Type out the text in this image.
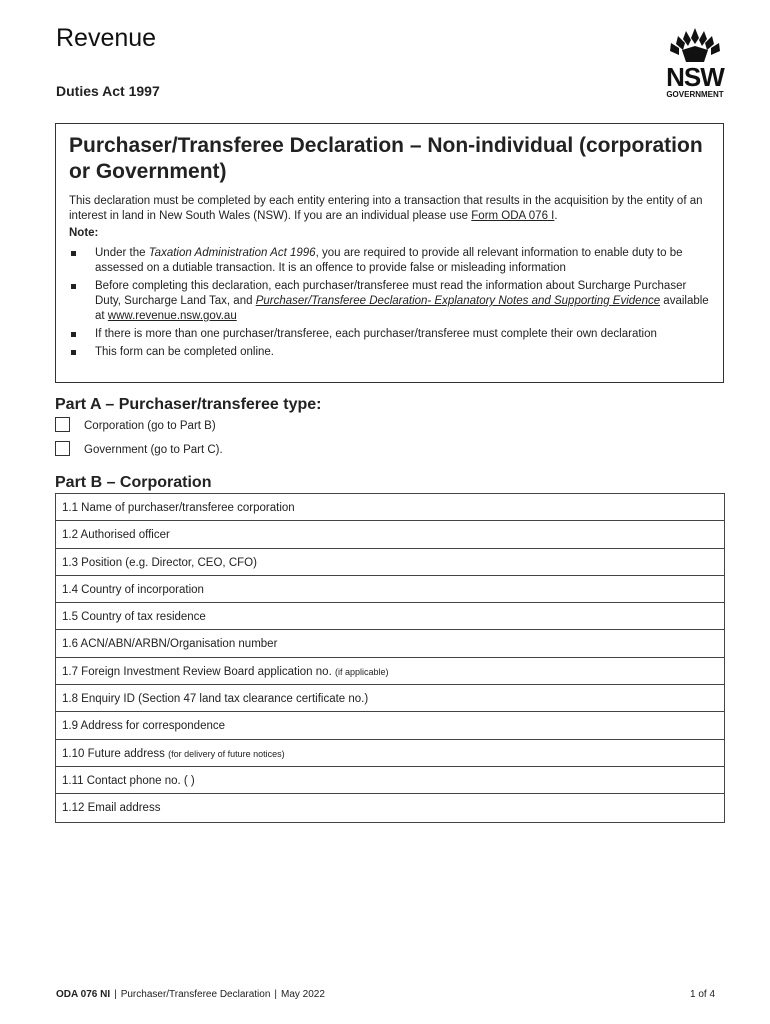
Revenue
Duties Act 1997	NSW
GOVERNMENT
Purchaser/Transferee Declaration – Non-individual (corporation or Government)
This declaration must be completed by each entity entering into a transaction that results in the acquisition by the entity of an interest in land in New South Wales (NSW). If you are an individual please use Form ODA 076 I.
Note:
Under the Taxation Administration Act 1996, you are required to provide all relevant information to enable duty to be assessed on a dutiable transaction. It is an offence to provide false or misleading information
Before completing this declaration, each purchaser/transferee must read the information about Surcharge Purchaser Duty, Surcharge Land Tax, and Purchaser/Transferee Declaration- Explanatory Notes and Supporting Evidence available at www.revenue.nsw.gov.au
If there is more than one purchaser/transferee, each purchaser/transferee must complete their own declaration
This form can be completed online.
Part A – Purchaser/transferee type:
Corporation (go to Part B)
Government (go to Part C).
Part B – Corporation
1.1 Name of purchaser/transferee corporation
1.2 Authorised officer
1.3 Position (e.g. Director, CEO, CFO)
1.4 Country of incorporation
1.5 Country of tax residence
1.6 ACN/ABN/ARBN/Organisation number
1.7 Foreign Investment Review Board application no. (if applicable)
1.8 Enquiry ID (Section 47 land tax clearance certificate no.)
1.9 Address for correspondence
1.10 Future address (for delivery of future notices)
1.11 Contact phone no. ( )
1.12 Email address
ODA 076 NI | Purchaser/Transferee Declaration | May 2022	1 of 4
